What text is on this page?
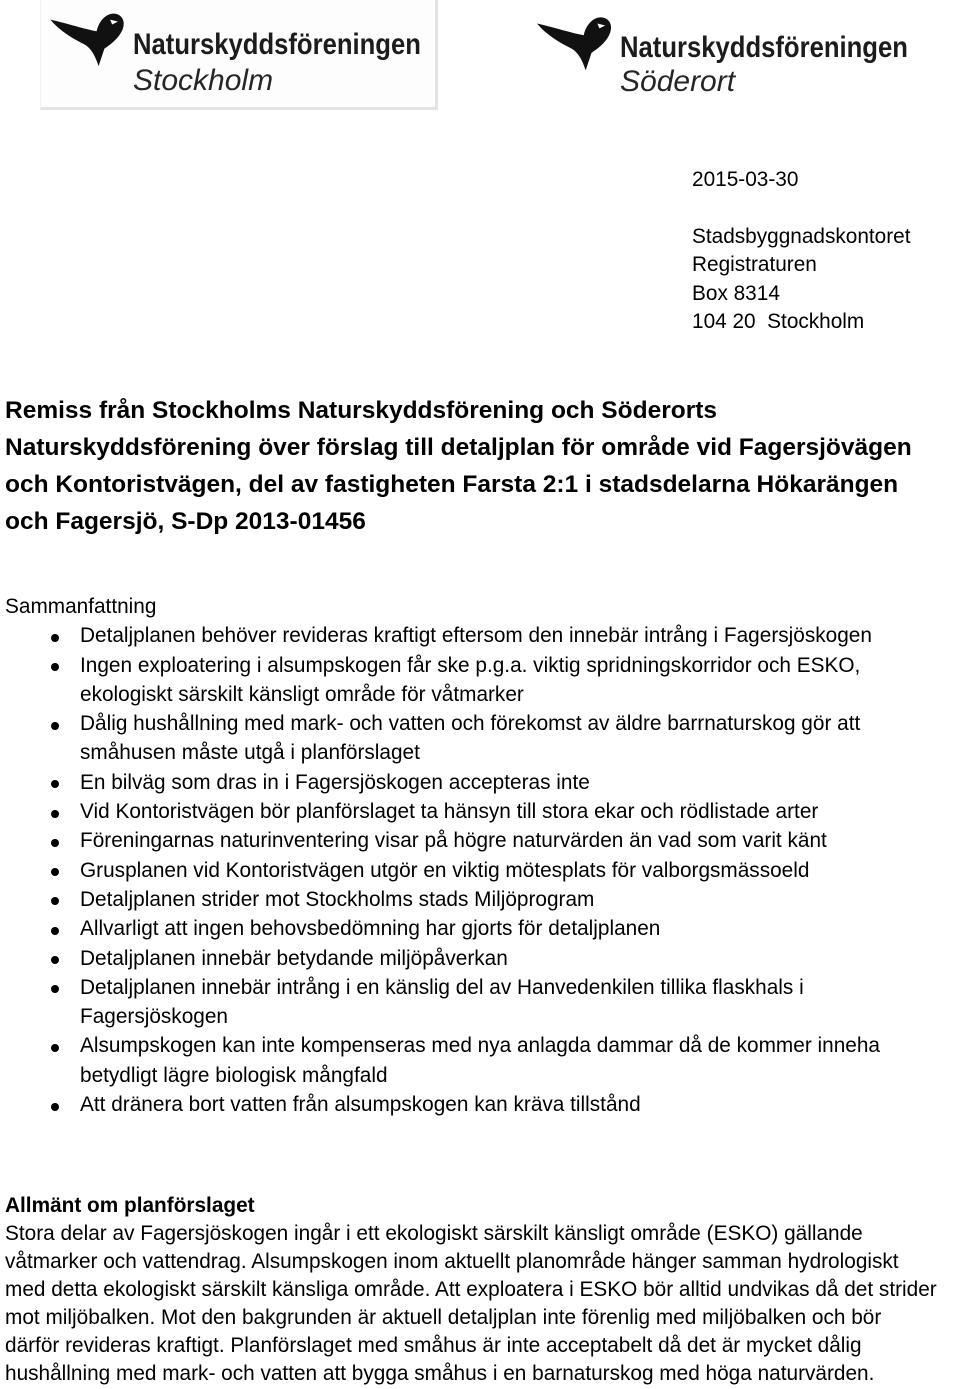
Naturskyddsföreningen
Stockholm
Naturskyddsföreningen
Söderort
2015-03-30
Stadsbyggnadskontoret
Registraturen
Box 8314
104 20  Stockholm
Remiss från Stockholms Naturskyddsförening och Söderorts
Naturskyddsförening över förslag till detaljplan för område vid Fagersjövägen
och Kontoristvägen, del av fastigheten Farsta 2:1 i stadsdelarna Hökarängen
och Fagersjö, S-Dp 2013-01456
Sammanfattning
Detaljplanen behöver revideras kraftigt eftersom den innebär intrång i Fagersjöskogen
Ingen exploatering i alsumpskogen får ske p.g.a. viktig spridningskorridor och ESKO,
ekologiskt särskilt känsligt område för våtmarker
Dålig hushållning med mark- och vatten och förekomst av äldre barrnaturskog gör att
småhusen måste utgå i planförslaget
En bilväg som dras in i Fagersjöskogen accepteras inte
Vid Kontoristvägen bör planförslaget ta hänsyn till stora ekar och rödlistade arter
Föreningarnas naturinventering visar på högre naturvärden än vad som varit känt
Grusplanen vid Kontoristvägen utgör en viktig mötesplats för valborgsmässoeld
Detaljplanen strider mot Stockholms stads Miljöprogram
Allvarligt att ingen behovsbedömning har gjorts för detaljplanen
Detaljplanen innebär betydande miljöpåverkan
Detaljplanen innebär intrång i en känslig del av Hanvedenkilen tillika flaskhals i
Fagersjöskogen
Alsumpskogen kan inte kompenseras med nya anlagda dammar då de kommer inneha
betydligt lägre biologisk mångfald
Att dränera bort vatten från alsumpskogen kan kräva tillstånd
Allmänt om planförslaget
Stora delar av Fagersjöskogen ingår i ett ekologiskt särskilt känsligt område (ESKO) gällande
våtmarker och vattendrag. Alsumpskogen inom aktuellt planområde hänger samman hydrologiskt
med detta ekologiskt särskilt känsliga område. Att exploatera i ESKO bör alltid undvikas då det strider
mot miljöbalken. Mot den bakgrunden är aktuell detaljplan inte förenlig med miljöbalken och bör
därför revideras kraftigt. Planförslaget med småhus är inte acceptabelt då det är mycket dålig
hushållning med mark- och vatten att bygga småhus i en barnaturskog med höga naturvärden.
